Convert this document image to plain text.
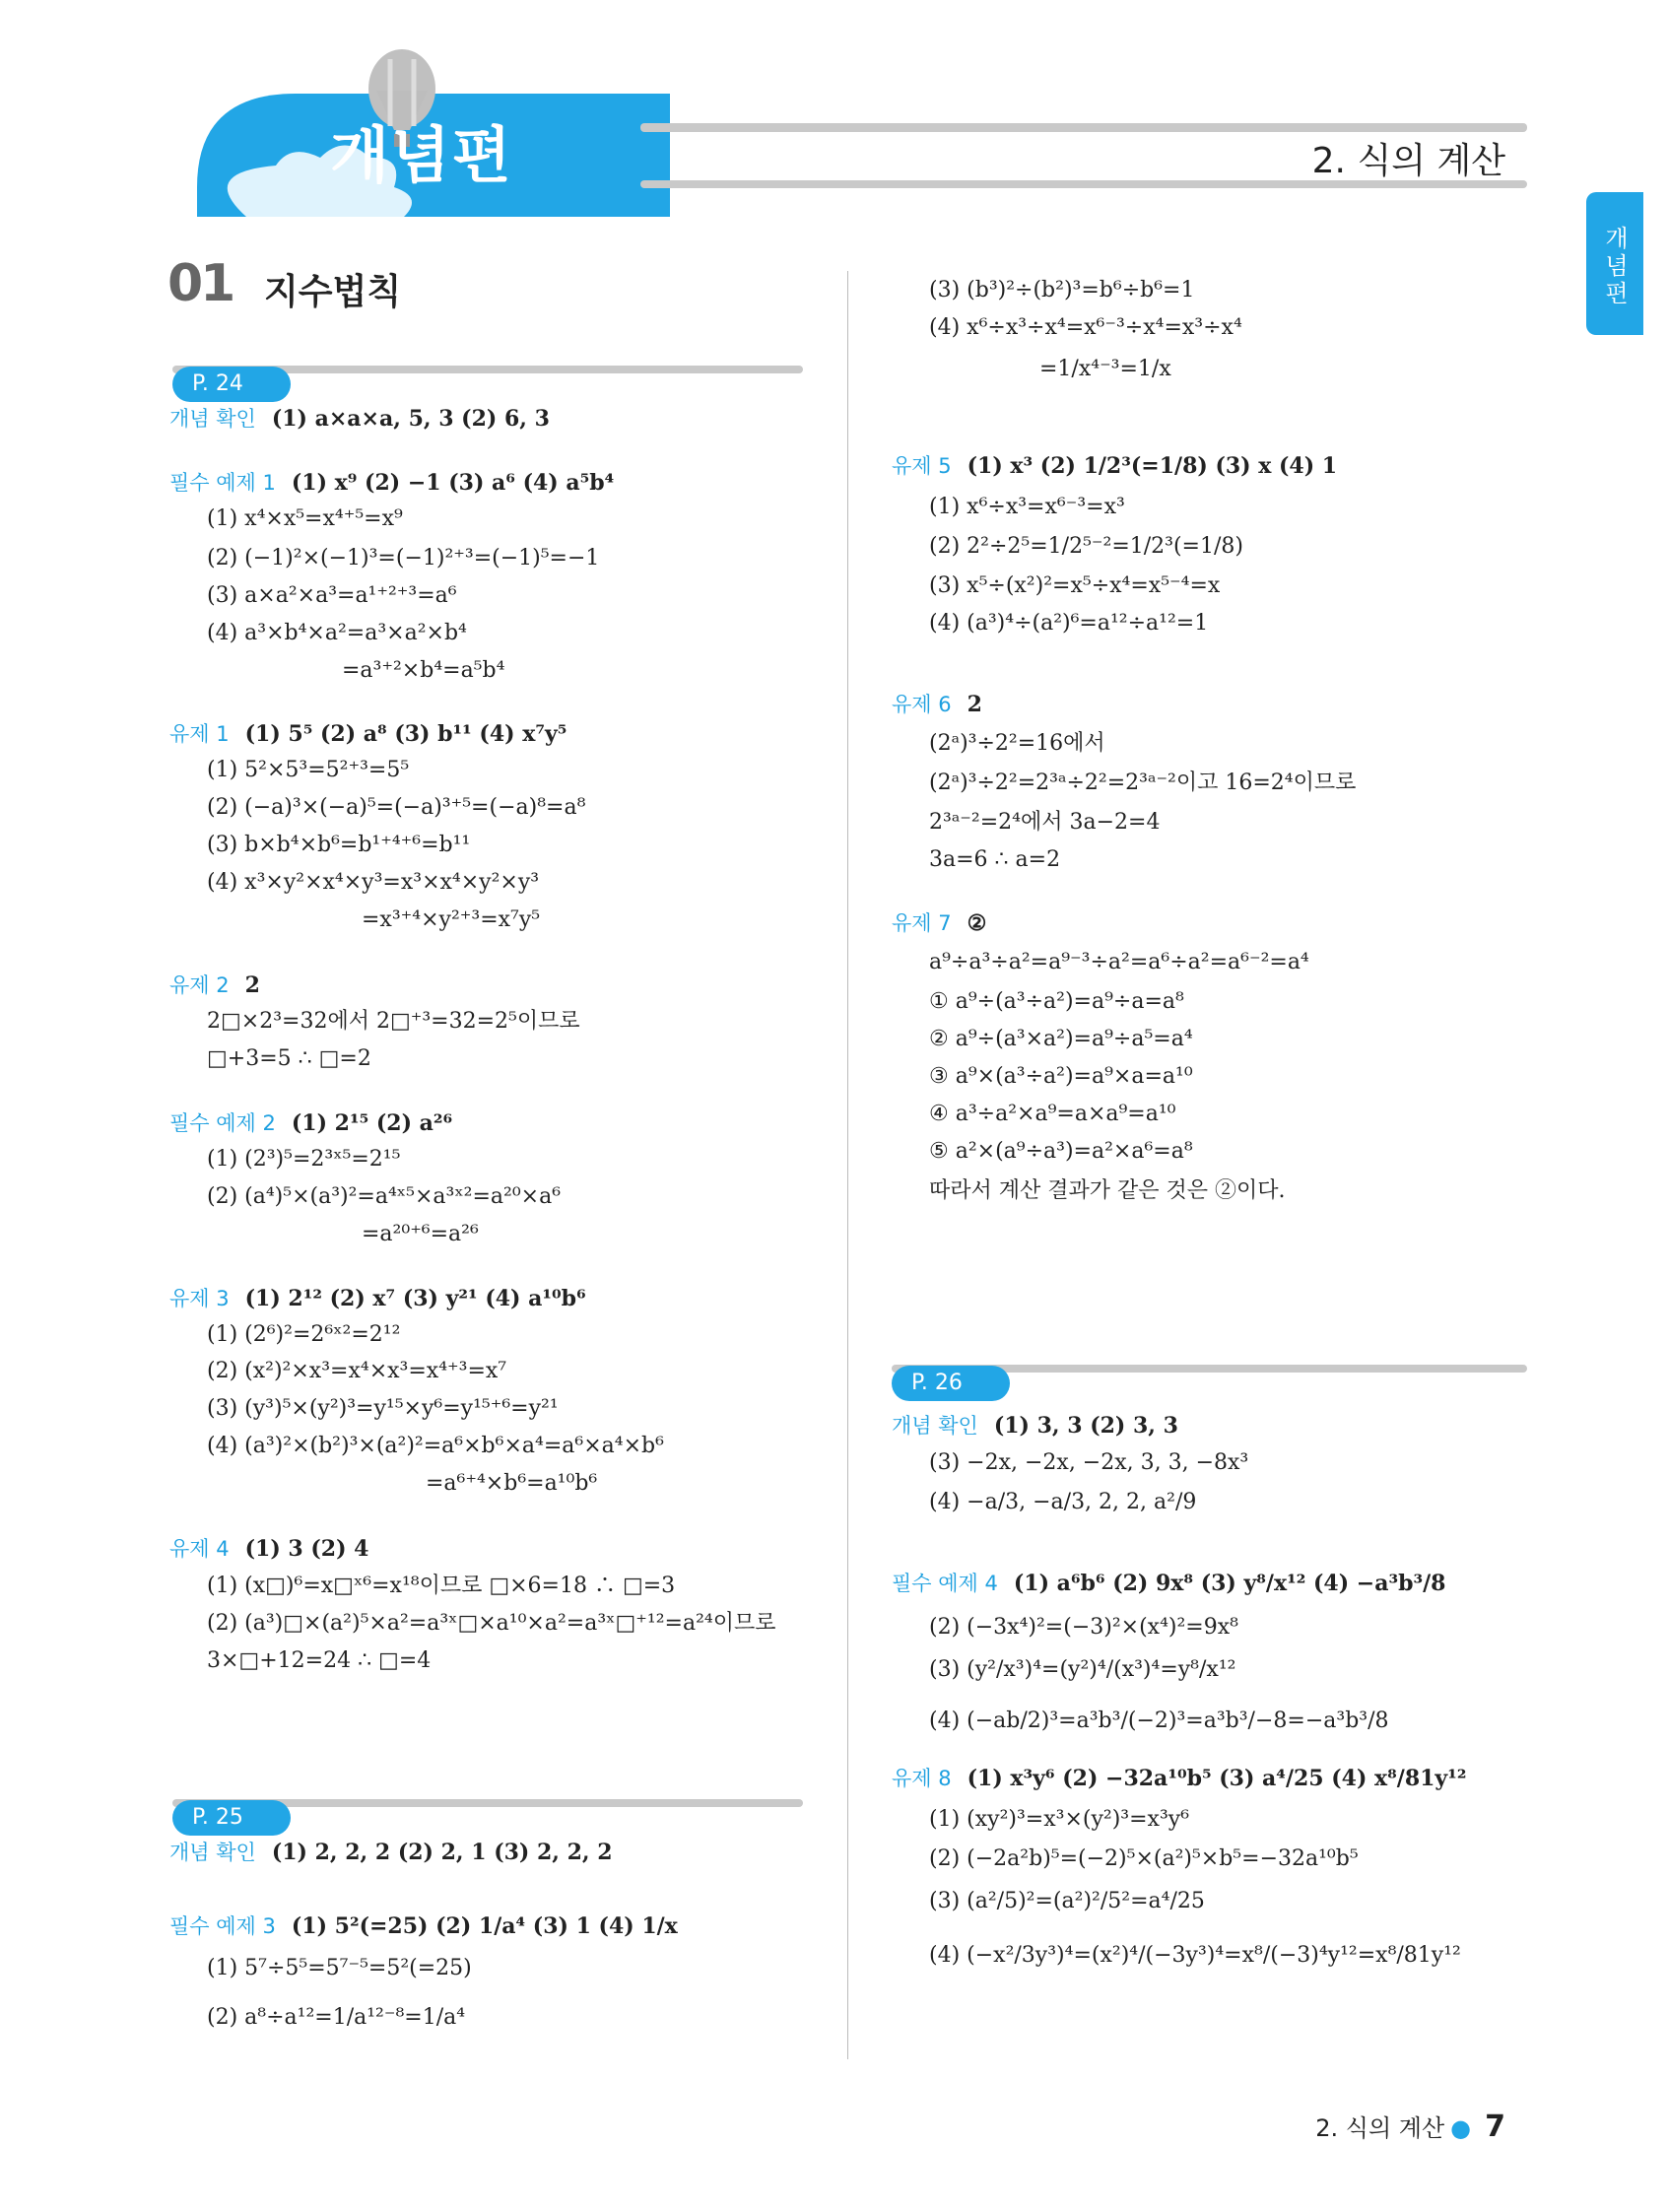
개념편	2. 식의 계산
개념편
01 지수법칙
P. 24
P. 25
P. 26
개념 확인 (1) a×a×a, 5, 3 (2) 6, 3
필수 예제 1 (1) x⁹ (2) −1 (3) a⁶ (4) a⁵b⁴
(1) x⁴×x⁵=x⁴⁺⁵=x⁹
(2) (−1)²×(−1)³=(−1)²⁺³=(−1)⁵=−1
(3) a×a²×a³=a¹⁺²⁺³=a⁶
(4) a³×b⁴×a²=a³×a²×b⁴
=a³⁺²×b⁴=a⁵b⁴
유제 1 (1) 5⁵ (2) a⁸ (3) b¹¹ (4) x⁷y⁵
(1) 5²×5³=5²⁺³=5⁵
(2) (−a)³×(−a)⁵=(−a)³⁺⁵=(−a)⁸=a⁸
(3) b×b⁴×b⁶=b¹⁺⁴⁺⁶=b¹¹
(4) x³×y²×x⁴×y³=x³×x⁴×y²×y³
=x³⁺⁴×y²⁺³=x⁷y⁵
유제 2 2
2□×2³=32에서 2□⁺³=32=2⁵이므로
□+3=5 ∴ □=2
필수 예제 2 (1) 2¹⁵ (2) a²⁶
(1) (2³)⁵=2³ˣ⁵=2¹⁵
(2) (a⁴)⁵×(a³)²=a⁴ˣ⁵×a³ˣ²=a²⁰×a⁶
=a²⁰⁺⁶=a²⁶
유제 3 (1) 2¹² (2) x⁷ (3) y²¹ (4) a¹⁰b⁶
(1) (2⁶)²=2⁶ˣ²=2¹²
(2) (x²)²×x³=x⁴×x³=x⁴⁺³=x⁷
(3) (y³)⁵×(y²)³=y¹⁵×y⁶=y¹⁵⁺⁶=y²¹
(4) (a³)²×(b²)³×(a²)²=a⁶×b⁶×a⁴=a⁶×a⁴×b⁶
=a⁶⁺⁴×b⁶=a¹⁰b⁶
유제 4 (1) 3 (2) 4
(1) (x□)⁶=x□ˣ⁶=x¹⁸이므로 □×6=18 ∴ □=3
(2) (a³)□×(a²)⁵×a²=a³ˣ□×a¹⁰×a²=a³ˣ□⁺¹²=a²⁴이므로
3×□+12=24 ∴ □=4
개념 확인 (1) 2, 2, 2 (2) 2, 1 (3) 2, 2, 2
필수 예제 3 (1) 5²(=25) (2) 1/a⁴ (3) 1 (4) 1/x
(1) 5⁷÷5⁵=5⁷⁻⁵=5²(=25)
(2) a⁸÷a¹²=1/a¹²⁻⁸=1/a⁴
(3) (b³)²÷(b²)³=b⁶÷b⁶=1
(4) x⁶÷x³÷x⁴=x⁶⁻³÷x⁴=x³÷x⁴
=1/x⁴⁻³=1/x
유제 5 (1) x³ (2) 1/2³(=1/8) (3) x (4) 1
(1) x⁶÷x³=x⁶⁻³=x³
(2) 2²÷2⁵=1/2⁵⁻²=1/2³(=1/8)
(3) x⁵÷(x²)²=x⁵÷x⁴=x⁵⁻⁴=x
(4) (a³)⁴÷(a²)⁶=a¹²÷a¹²=1
유제 6 2
(2ᵃ)³÷2²=16에서
(2ᵃ)³÷2²=2³ᵃ÷2²=2³ᵃ⁻²이고 16=2⁴이므로
2³ᵃ⁻²=2⁴에서 3a−2=4
3a=6 ∴ a=2
유제 7 ②
a⁹÷a³÷a²=a⁹⁻³÷a²=a⁶÷a²=a⁶⁻²=a⁴
① a⁹÷(a³÷a²)=a⁹÷a=a⁸
② a⁹÷(a³×a²)=a⁹÷a⁵=a⁴
③ a⁹×(a³÷a²)=a⁹×a=a¹⁰
④ a³÷a²×a⁹=a×a⁹=a¹⁰
⑤ a²×(a⁹÷a³)=a²×a⁶=a⁸
따라서 계산 결과가 같은 것은 ②이다.
개념 확인 (1) 3, 3 (2) 3, 3
(3) −2x, −2x, −2x, 3, 3, −8x³
(4) −a/3, −a/3, 2, 2, a²/9
필수 예제 4 (1) a⁶b⁶ (2) 9x⁸ (3) y⁸/x¹² (4) −a³b³/8
(2) (−3x⁴)²=(−3)²×(x⁴)²=9x⁸
(3) (y²/x³)⁴=(y²)⁴/(x³)⁴=y⁸/x¹²
(4) (−ab/2)³=a³b³/(−2)³=a³b³/−8=−a³b³/8
유제 8 (1) x³y⁶ (2) −32a¹⁰b⁵ (3) a⁴/25 (4) x⁸/81y¹²
(1) (xy²)³=x³×(y²)³=x³y⁶
(2) (−2a²b)⁵=(−2)⁵×(a²)⁵×b⁵=−32a¹⁰b⁵
(3) (a²/5)²=(a²)²/5²=a⁴/25
(4) (−x²/3y³)⁴=(x²)⁴/(−3y³)⁴=x⁸/(−3)⁴y¹²=x⁸/81y¹²
2. 식의 계산 ● 7
